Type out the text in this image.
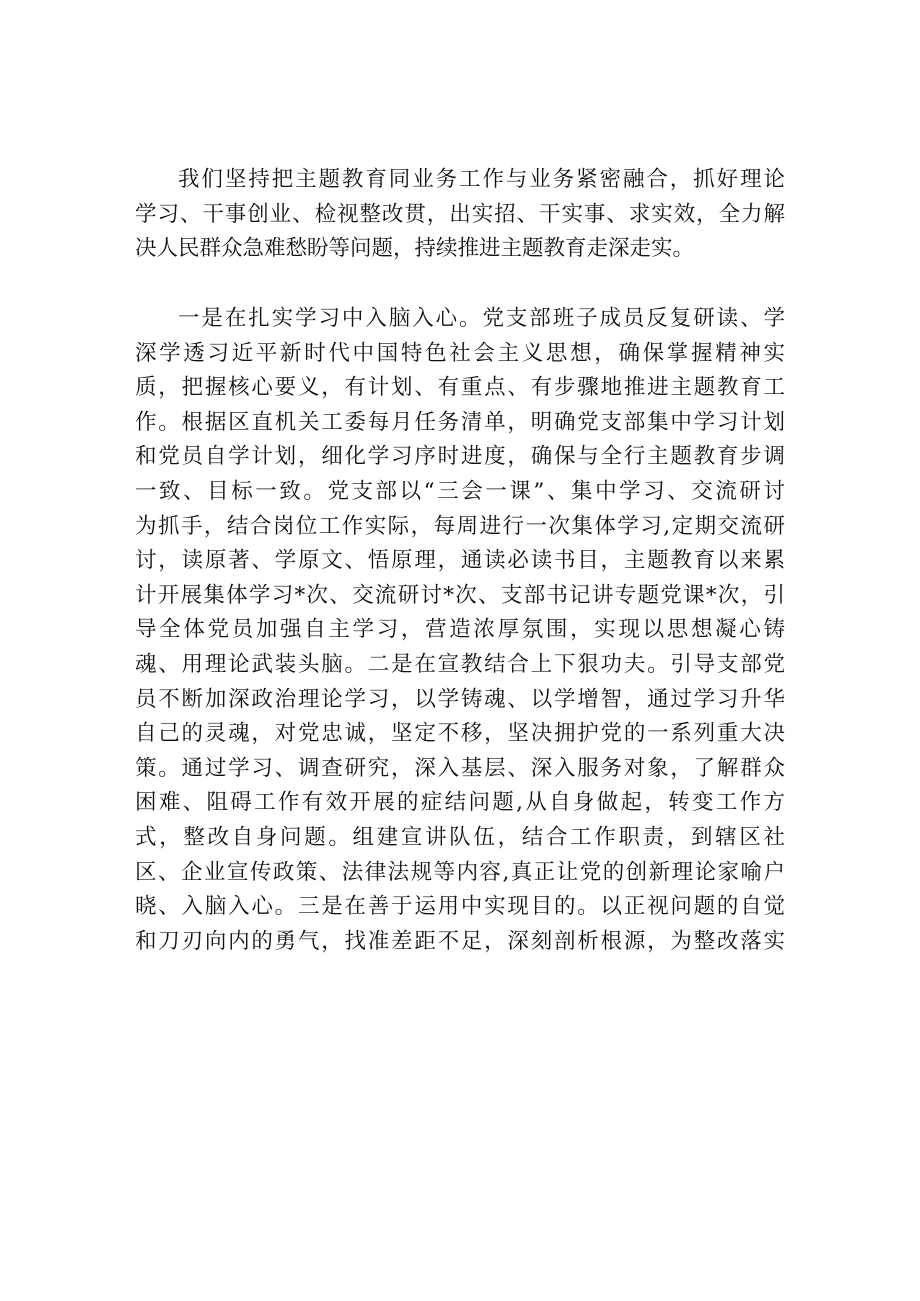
我们坚持把主题教育同业务工作与业务紧密融合，抓好理论
学习、干事创业、检视整改贯，出实招、干实事、求实效，全力解
决人民群众急难愁盼等问题，持续推进主题教育走深走实。
一是在扎实学习中入脑入心。党支部班子成员反复研读、学
深学透习近平新时代中国特色社会主义思想，确保掌握精神实
质，把握核心要义，有计划、有重点、有步骤地推进主题教育工
作。根据区直机关工委每月任务清单，明确党支部集中学习计划
和党员自学计划，细化学习序时进度，确保与全行主题教育步调
一致、目标一致。党支部以“三会一课”、集中学习、交流研讨
为抓手，结合岗位工作实际，每周进行一次集体学习,定期交流研
讨，读原著、学原文、悟原理，通读必读书目，主题教育以来累
计开展集体学习*次、交流研讨*次、支部书记讲专题党课*次，引
导全体党员加强自主学习，营造浓厚氛围，实现以思想凝心铸
魂、用理论武装头脑。二是在宣教结合上下狠功夫。引导支部党
员不断加深政治理论学习，以学铸魂、以学增智，通过学习升华
自己的灵魂，对党忠诚，坚定不移，坚决拥护党的一系列重大决
策。通过学习、调查研究，深入基层、深入服务对象，了解群众
困难、阻碍工作有效开展的症结问题,从自身做起，转变工作方
式，整改自身问题。组建宣讲队伍，结合工作职责，到辖区社
区、企业宣传政策、法律法规等内容,真正让党的创新理论家喻户
晓、入脑入心。三是在善于运用中实现目的。以正视问题的自觉
和刀刃向内的勇气，找准差距不足，深刻剖析根源，为整改落实
